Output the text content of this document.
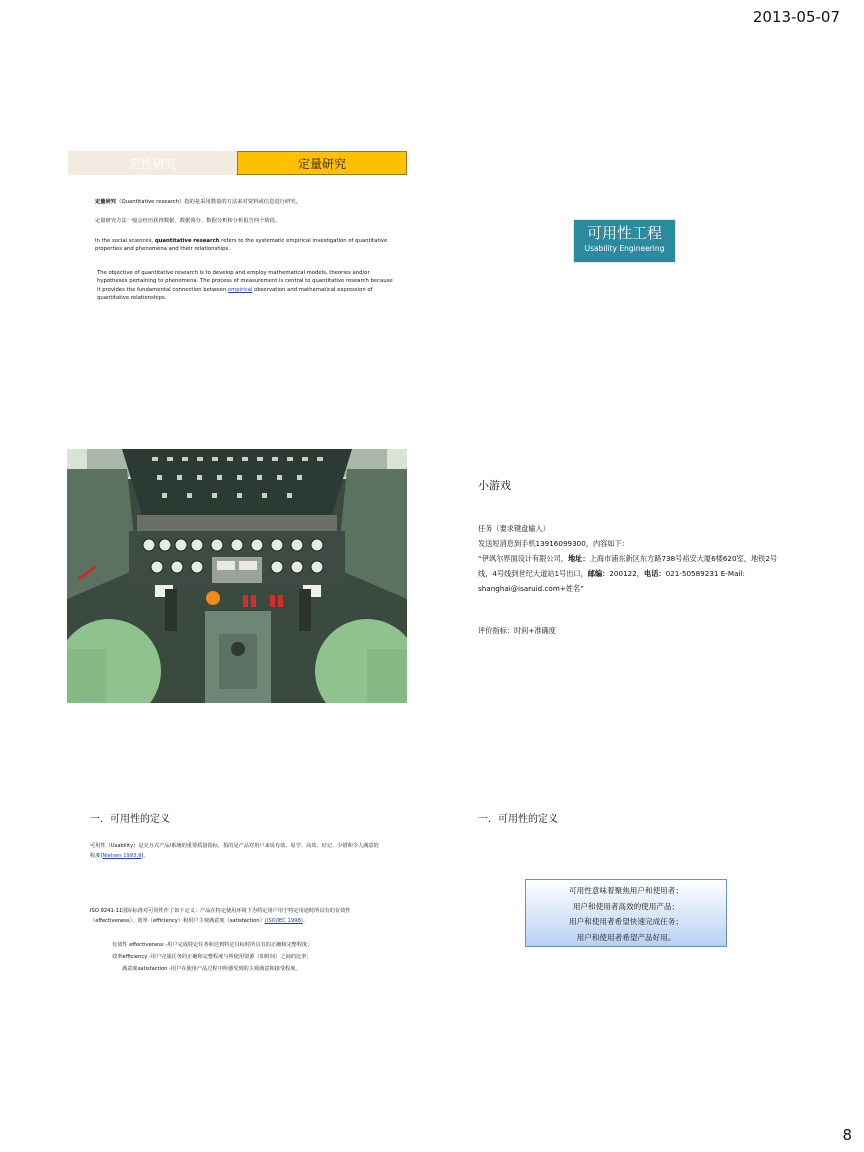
2013-05-07
8
定性研究	定量研究
定量研究（Quantitative research）指的是采用数量的方法来对资料或信息进行研究。
定量研究方法一般会经历获得数据、数据预分、数据分析和分析报告四个阶段。
In the social sciences, quantitative research refers to the systematic empirical investigation of quantitative properties and phenomena and their relationships.
The objective of quantitative research is to develop and employ mathematical models, theories and/or hypotheses pertaining to phenomena. The process of measurement is central to quantitative research because it provides the fundamental connection between empirical observation and mathematical expression of quantitative relationships.
可用性工程
Usability Engineering
小游戏
任务（要求键盘输入）
发送短消息到手机13916099300，内容如下：
“伊飒尔界面设计有限公司，地址：上海市浦东新区东方路738号裕安大厦6楼620室，地铁2号线，4号线到世纪大道站1号出口，邮编：200122，电话：021-50589231 E-Mail: shanghai@isaruid.com+姓名”
评价指标：时间+准确度
一．可用性的定义
可用性（Usability）是交互式产品/系统的重要质量指标，指的是产品对用户来说有效、易学、高效、好记、少错和令人满意的程度(Nielsen 1993,9)。
ISO 9241-11国际标准对可用性作了如下定义：产品在特定使用环境下为特定用户用于特定用途时所具有的有效性（effectiveness）、效率（efficiency）和用户主观满意度（satisfaction）(ISO/IEC 1998)。
有效性 effectiveness -用户完成特定任务和达到特定目标时所具有的正确和完整程度；
效率efficiency -用户完成任务的正确和完整程度与所使用资源（如时间）之间的比率；
满意度satisfaction -用户在使用产品过程中所感受到的主观满意和接受程度。
一．可用性的定义
可用性意味着聚焦用户和使用者；
用户和使用者高效的使用产品；
用户和使用者希望快速完成任务；
用户和使用者希望产品好用。
